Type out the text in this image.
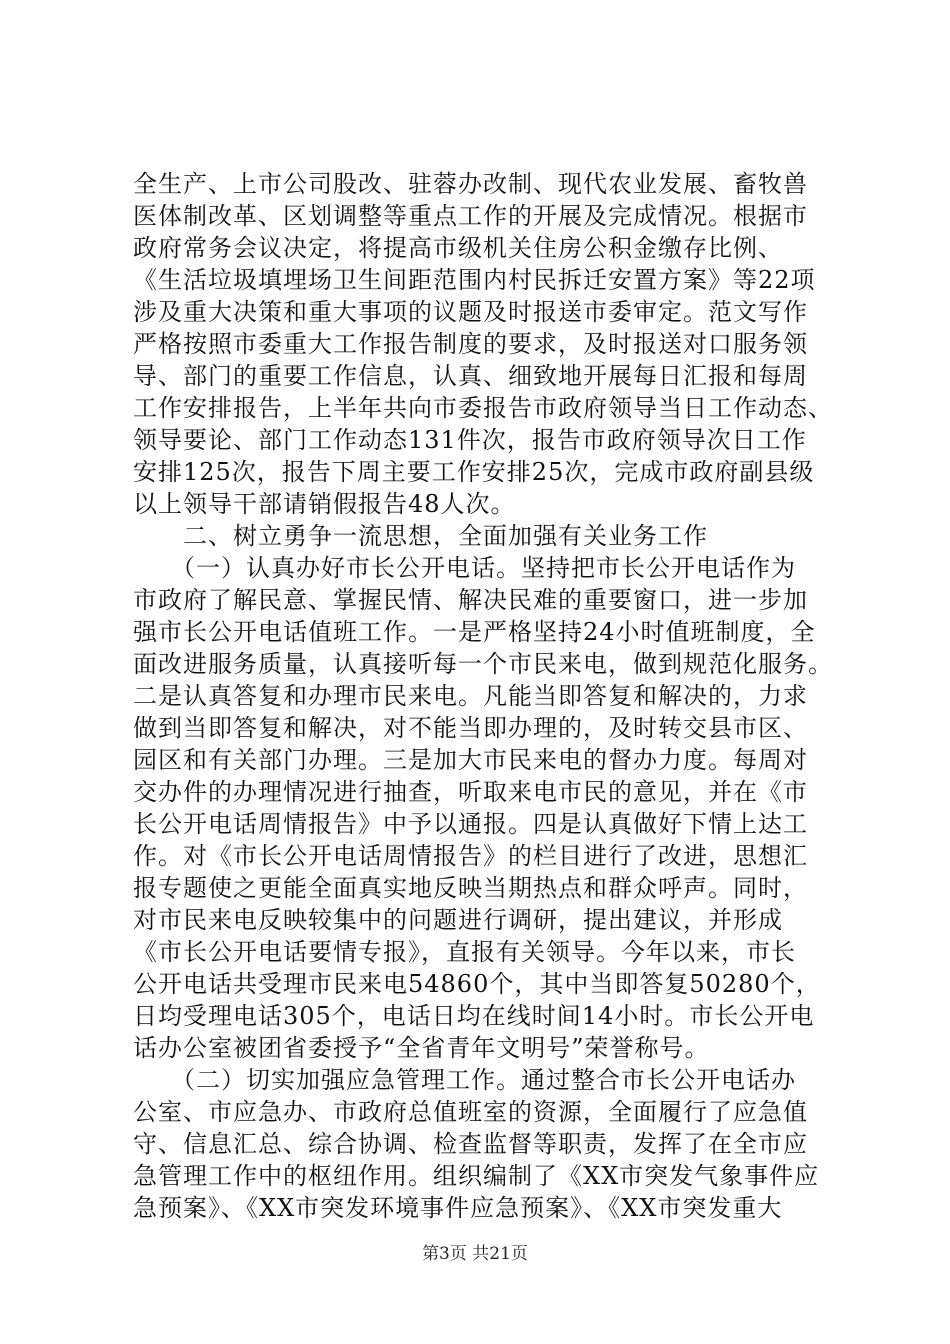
全生产、上市公司股改、驻蓉办改制、现代农业发展、畜牧兽
医体制改革、区划调整等重点工作的开展及完成情况。根据市
政府常务会议决定，将提高市级机关住房公积金缴存比例、
《生活垃圾填埋场卫生间距范围内村民拆迁安置方案》等22项
涉及重大决策和重大事项的议题及时报送市委审定。范文写作
严格按照市委重大工作报告制度的要求，及时报送对口服务领
导、部门的重要工作信息，认真、细致地开展每日汇报和每周
工作安排报告，上半年共向市委报告市政府领导当日工作动态、
领导要论、部门工作动态131件次，报告市政府领导次日工作
安排125次，报告下周主要工作安排25次，完成市政府副县级
以上领导干部请销假报告48人次。
　　二、树立勇争一流思想，全面加强有关业务工作
　　（一）认真办好市长公开电话。坚持把市长公开电话作为
市政府了解民意、掌握民情、解决民难的重要窗口，进一步加
强市长公开电话值班工作。一是严格坚持24小时值班制度，全
面改进服务质量，认真接听每一个市民来电，做到规范化服务。
二是认真答复和办理市民来电。凡能当即答复和解决的，力求
做到当即答复和解决，对不能当即办理的，及时转交县市区、
园区和有关部门办理。三是加大市民来电的督办力度。每周对
交办件的办理情况进行抽查，听取来电市民的意见，并在《市
长公开电话周情报告》中予以通报。四是认真做好下情上达工
作。对《市长公开电话周情报告》的栏目进行了改进，思想汇
报专题使之更能全面真实地反映当期热点和群众呼声。同时，
对市民来电反映较集中的问题进行调研，提出建议，并形成
《市长公开电话要情专报》，直报有关领导。今年以来，市长
公开电话共受理市民来电54860个，其中当即答复50280个，
日均受理电话305个，电话日均在线时间14小时。市长公开电
话办公室被团省委授予“全省青年文明号”荣誉称号。
　　（二）切实加强应急管理工作。通过整合市长公开电话办
公室、市应急办、市政府总值班室的资源，全面履行了应急值
守、信息汇总、综合协调、检查监督等职责，发挥了在全市应
急管理工作中的枢纽作用。组织编制了《XX市突发气象事件应
急预案》、《XX市突发环境事件应急预案》、《XX市突发重大
第3页 共21页
